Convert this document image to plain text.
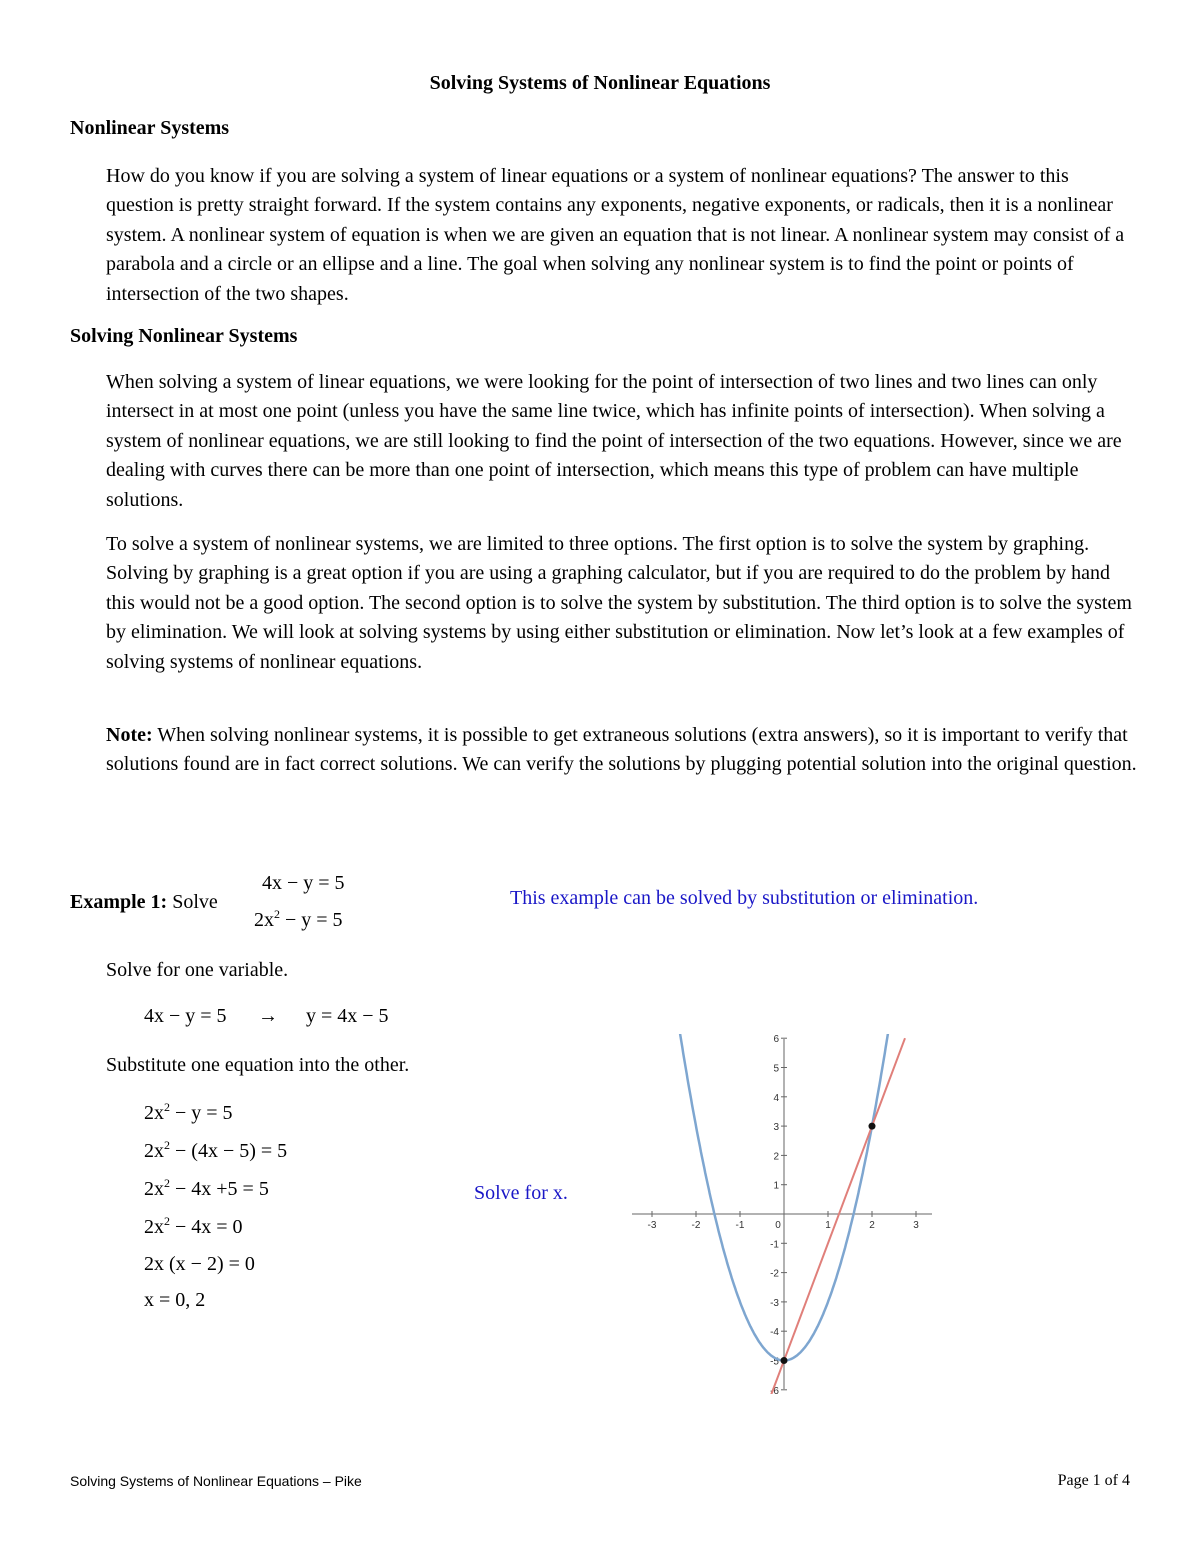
Solving Systems of Nonlinear Equations
Nonlinear Systems

How do you know if you are solving a system of linear equations or a system of nonlinear equations? The answer to this question is pretty straight forward. If the system contains any exponents, negative exponents, or radicals, then it is a nonlinear system. A nonlinear system of equation is when we are given an equation that is not linear. A nonlinear system may consist of a parabola and a circle or an ellipse and a line. The goal when solving any nonlinear system is to find the point or points of intersection of the two shapes.

Solving Nonlinear Systems

When solving a system of linear equations, we were looking for the point of intersection of two lines and two lines can only intersect in at most one point (unless you have the same line twice, which has infinite points of intersection). When solving a system of nonlinear equations, we are still looking to find the point of intersection of the two equations. However, since we are dealing with curves there can be more than one point of intersection, which means this type of problem can have multiple solutions.

To solve a system of nonlinear systems, we are limited to three options. The first option is to solve the system by graphing. Solving by graphing is a great option if you are using a graphing calculator, but if you are required to do the problem by hand this would not be a good option. The second option is to solve the system by substitution. The third option is to solve the system by elimination. We will look at solving systems by using either substitution or elimination. Now let’s look at a few examples of solving systems of nonlinear equations.

Note: When solving nonlinear systems, it is possible to get extraneous solutions (extra answers), so it is important to verify that solutions found are in fact correct solutions. We can verify the solutions by plugging potential solution into the original question.

Example 1: Solve
4x − y = 5
$2x^2 - y = 5$
This example can be solved by substitution or elimination.
Solve for one variable.
4x − y = 5 → y = 4x − 5
Substitute one equation into the other.
$2x^2 - y = 5$
$2x^2 - (4x - 5) = 5$
$2x^2 - 4x +5 = 5$
$2x^2 - 4x = 0$
2x (x − 2) = 0
x = 0, 2
Solve for x.
-3	-2	-1	0	1	2	3
6
5
4
3
2
1
-1
-2
-3
-4
-5
-6
Solving Systems of Nonlinear Equations – Pike	Page 1 of 4
